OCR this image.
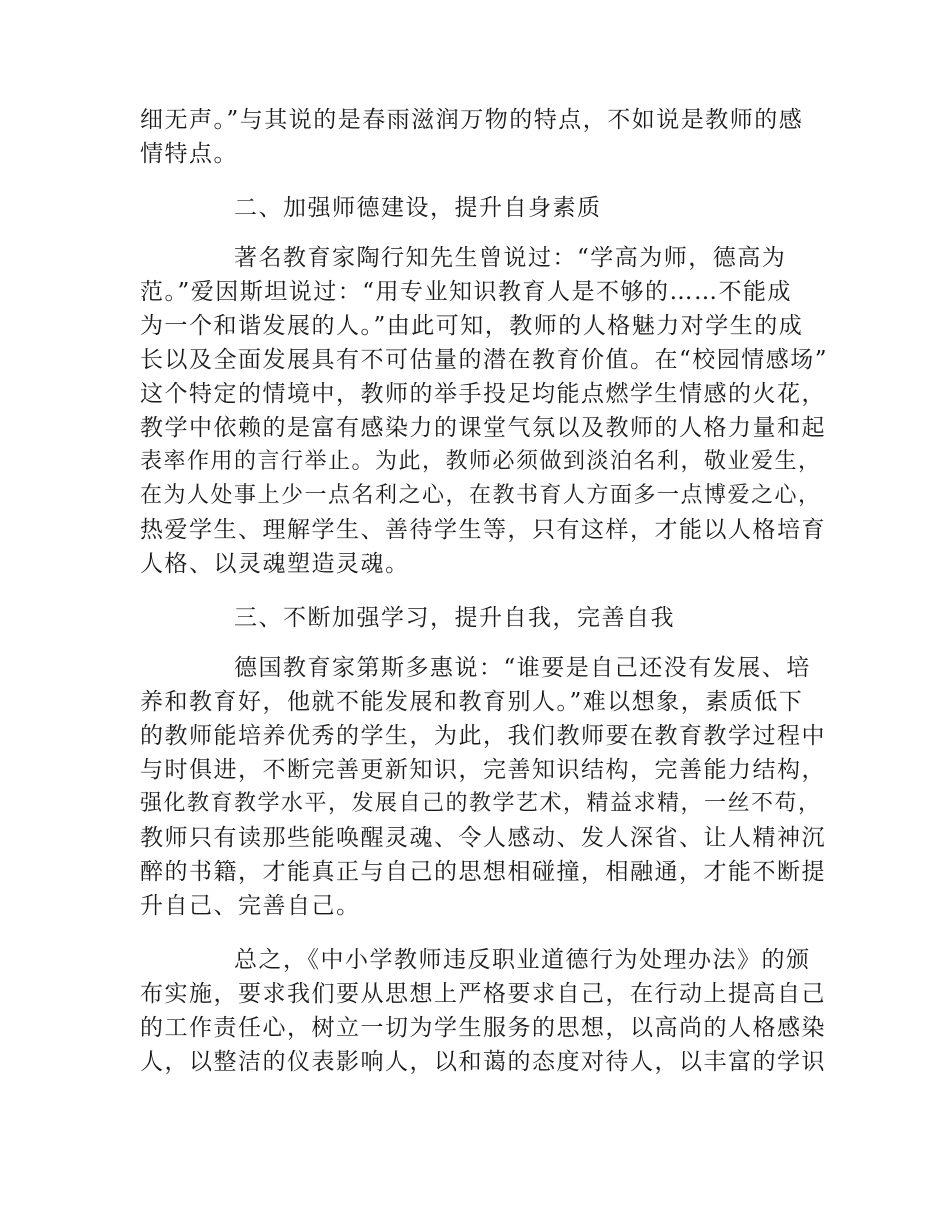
细无声。”与其说的是春雨滋润万物的特点，不如说是教师的感
情特点。
二、加强师德建设，提升自身素质
著名教育家陶行知先生曾说过：“学高为师，德高为
范。”爱因斯坦说过：“用专业知识教育人是不够的……不能成
为一个和谐发展的人。”由此可知，教师的人格魅力对学生的成
长以及全面发展具有不可估量的潜在教育价值。在“校园情感场”
这个特定的情境中，教师的举手投足均能点燃学生情感的火花，
教学中依赖的是富有感染力的课堂气氛以及教师的人格力量和起
表率作用的言行举止。为此，教师必须做到淡泊名利，敬业爱生，
在为人处事上少一点名利之心，在教书育人方面多一点博爱之心，
热爱学生、理解学生、善待学生等，只有这样，才能以人格培育
人格、以灵魂塑造灵魂。
三、不断加强学习，提升自我，完善自我
德国教育家第斯多惠说：“谁要是自己还没有发展、培
养和教育好，他就不能发展和教育别人。”难以想象，素质低下
的教师能培养优秀的学生，为此，我们教师要在教育教学过程中
与时俱进，不断完善更新知识，完善知识结构，完善能力结构，
强化教育教学水平，发展自己的教学艺术，精益求精，一丝不苟，
教师只有读那些能唤醒灵魂、令人感动、发人深省、让人精神沉
醉的书籍，才能真正与自己的思想相碰撞，相融通，才能不断提
升自己、完善自己。
总之，《中小学教师违反职业道德行为处理办法》的颁
布实施，要求我们要从思想上严格要求自己，在行动上提高自己
的工作责任心，树立一切为学生服务的思想，以高尚的人格感染
人，以整洁的仪表影响人，以和蔼的态度对待人，以丰富的学识
